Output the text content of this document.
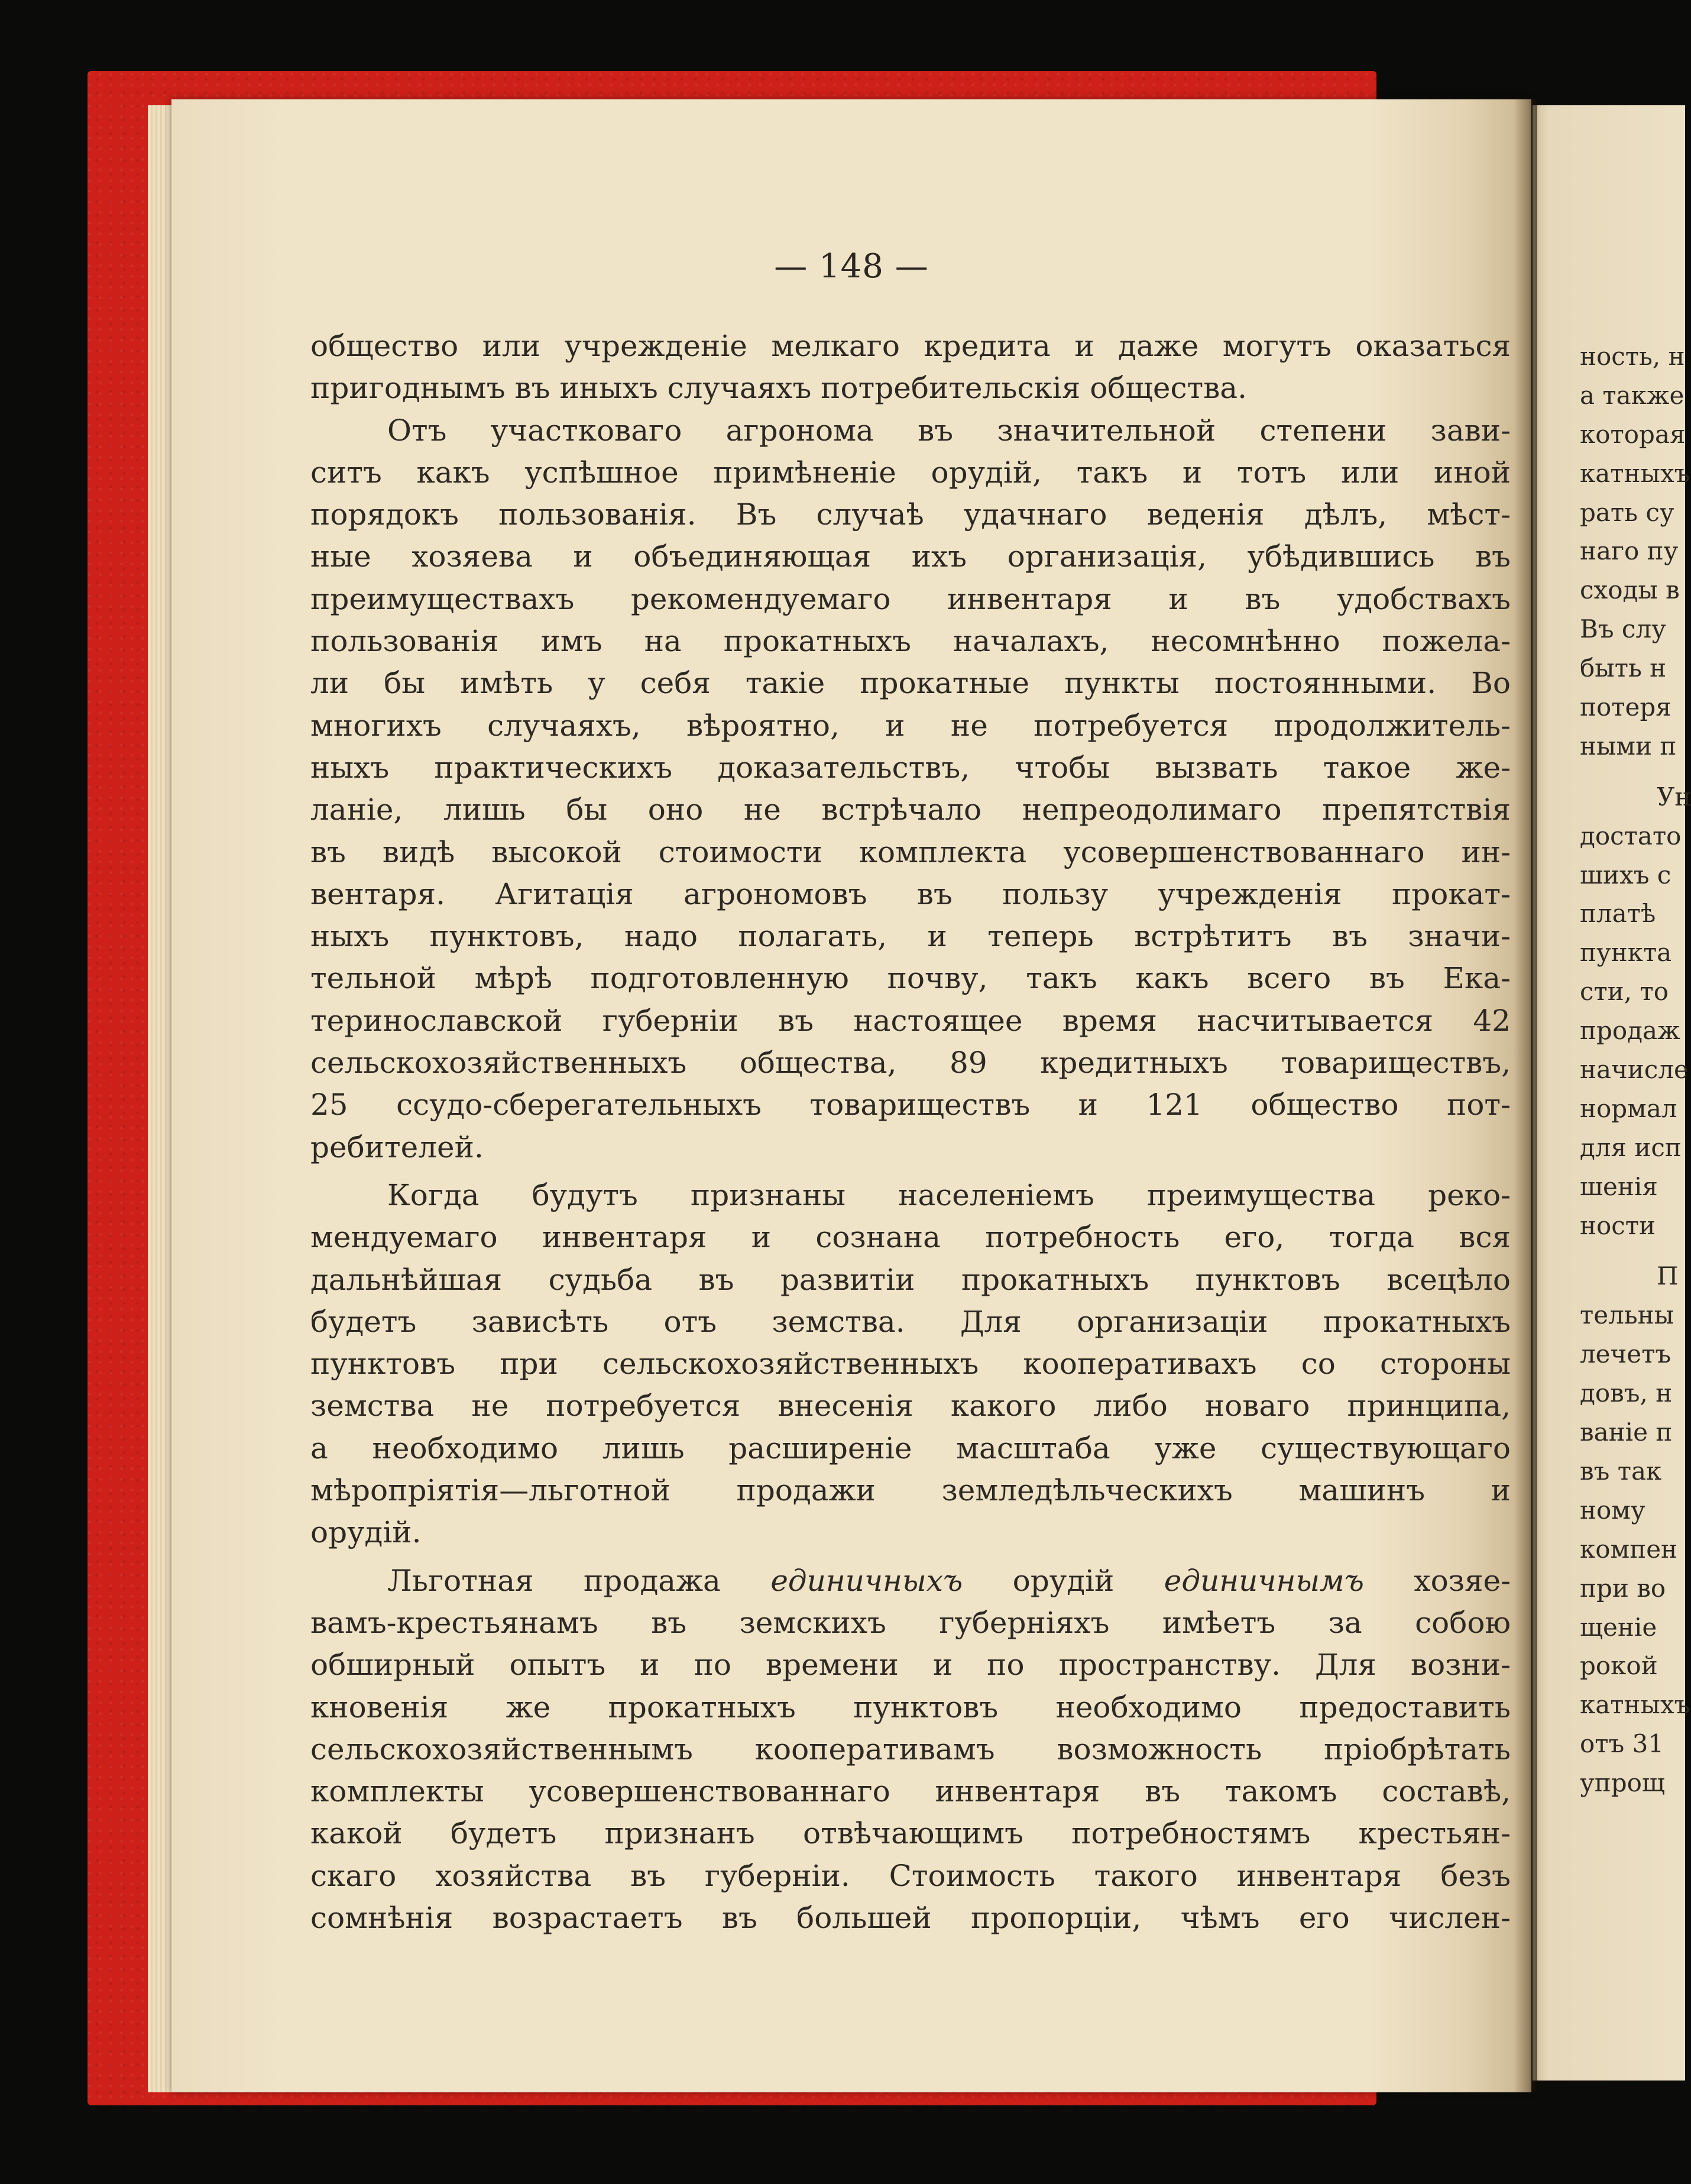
— 148 —
общество или учрежденіе мелкаго кредита и даже могутъ оказаться
пригоднымъ въ иныхъ случаяхъ потребительскія общества.
Отъ участковаго агронома въ значительной степени зави-
ситъ какъ успѣшное примѣненіе орудій, такъ и тотъ или иной
порядокъ пользованія. Въ случаѣ удачнаго веденія дѣлъ, мѣст-
ные хозяева и объединяющая ихъ организація, убѣдившись въ
преимуществахъ рекомендуемаго инвентаря и въ удобствахъ
пользованія имъ на прокатныхъ началахъ, несомнѣнно пожела-
ли бы имѣть у себя такіе прокатные пункты постоянными. Во
многихъ случаяхъ, вѣроятно, и не потребуется продолжитель-
ныхъ практическихъ доказательствъ, чтобы вызвать такое же-
ланіе, лишь бы оно не встрѣчало непреодолимаго препятствія
въ видѣ высокой стоимости комплекта усовершенствованнаго ин-
вентаря. Агитація агрономовъ въ пользу учрежденія прокат-
ныхъ пунктовъ, надо полагать, и теперь встрѣтитъ въ значи-
тельной мѣрѣ подготовленную почву, такъ какъ всего въ Ека-
теринославской губерніи въ настоящее время насчитывается 42
сельскохозяйственныхъ общества, 89 кредитныхъ товариществъ,
25 ссудо-сберегательныхъ товариществъ и 121 общество пот-
ребителей.
Когда будутъ признаны населеніемъ преимущества реко-
мендуемаго инвентаря и сознана потребность его, тогда вся
дальнѣйшая судьба въ развитіи прокатныхъ пунктовъ всецѣло
будетъ зависѣть отъ земства. Для организаціи прокатныхъ
пунктовъ при сельскохозяйственныхъ кооперативахъ со стороны
земства не потребуется внесенія какого либо новаго принципа,
а необходимо лишь расширеніе масштаба уже существующаго
мѣропріятія—льготной продажи земледѣльческихъ машинъ и
орудій.
Льготная продажа единичныхъ орудій единичнымъ хозяе-
вамъ-крестьянамъ въ земскихъ губерніяхъ имѣетъ за собою
обширный опытъ и по времени и по пространству. Для возни-
кновенія же прокатныхъ пунктовъ необходимо предоставить
сельскохозяйственнымъ кооперативамъ возможность пріобрѣтать
комплекты усовершенствованнаго инвентаря въ такомъ составѣ,
какой будетъ признанъ отвѣчающимъ потребностямъ крестьян-
скаго хозяйства въ губерніи. Стоимость такого инвентаря безъ
сомнѣнія возрастаетъ въ большей пропорціи, чѣмъ его числен-
ность, н
а также
которая
катныхъ
рать су
наго пу
сходы в
Въ слу
быть н
потеря
ными п
Ун
достато
шихъ с
платѣ
пункта
сти, то
продаж
начисле
нормал
для исп
шенія
ности
П
тельны
лечетъ
довъ, н
ваніе п
въ так
ному
компен
при во
щеніе
рокой
катныхъ
отъ 31
упрощ
